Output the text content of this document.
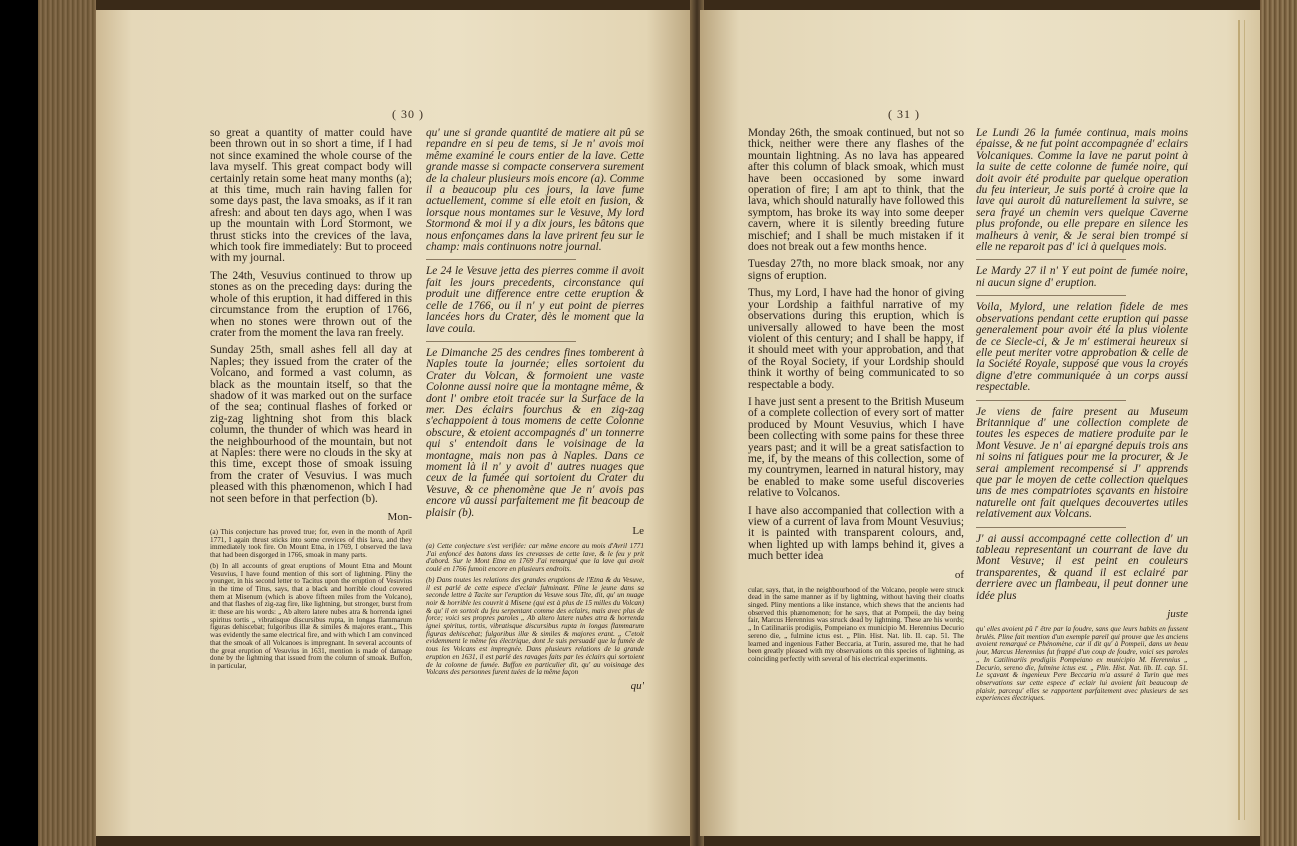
( 30 )

so great a quantity of matter could have been thrown out in so short a time, if I had not since examined the whole course of the lava myself. This great compact body will certainly retain some heat many months (a); at this time, much rain having fallen for some days past, the lava smoaks, as if it ran afresh: and about ten days ago, when I was up the mountain with Lord Stormont, we thrust sticks into the crevices of the lava, which took fire immediately: But to proceed with my journal.

The 24th, Vesuvius continued to throw up stones as on the preceding days: during the whole of this eruption, it had differed in this circumstance from the eruption of 1766, when no stones were thrown out of the crater from the moment the lava ran freely.

Sunday 25th, small ashes fell all day at Naples; they issued from the crater of the Volcano, and formed a vast column, as black as the mountain itself, so that the shadow of it was marked out on the surface of the sea; continual flashes of forked or zig-zag lightning shot from this black column, the thunder of which was heard in the neighbourhood of the mountain, but not at Naples: there were no clouds in the sky at this time, except those of smoak issuing from the crater of Vesuvius. I was much pleased with this phænomenon, which I had not seen before in that perfection (b).

Mon-

(a) This conjecture has proved true; for, even in the month of April 1771, I again thrust sticks into some crevices of this lava, and they immediately took fire. On Mount Etna, in 1769, I observed the lava that had been disgorged in 1766, smoak in many parts.

(b) In all accounts of great eruptions of Mount Etna and Mount Vesuvius, I have found mention of this sort of lightning. Pliny the younger, in his second letter to Tacitus upon the eruption of Vesuvius in the time of Titus, says, that a black and horrible cloud covered them at Misenum (which is above fifteen miles from the Volcano), and that flashes of zig-zag fire, like lightning, but stronger, burst from it: these are his words: „ Ab altero latere nubes atra & horrenda ignei spiritus tortis „ vibratisque discursibus rupta, in longas flammarum figuras dehiscebat; fulgoribus illæ & similes & majores erant.„ This was evidently the same electrical fire, and with which I am convinced that the smoak of all Volcanoes is impregnant. In several accounts of the great eruption of Vesuvius in 1631, mention is made of damage done by the lightning that issued from the column of smoak. Buffon, in particular,

qu' une si grande quantité de matiere ait pû se repandre en si peu de tems, si Je n' avois moi même examiné le cours entier de la lave. Cette grande masse si compacte conservera surement de la chaleur plusieurs mois encore (a). Comme il a beaucoup plu ces jours, la lave fume actuellement, comme si elle etoit en fusion, & lorsque nous montames sur le Vesuve, My lord Stormond & moi il y a dix jours, les bâtons que nous enfonçames dans la lave prirent feu sur le champ: mais continuons notre journal.

Le 24 le Vesuve jetta des pierres comme il avoit fait les jours precedents, circonstance qui produit une difference entre cette eruption & celle de 1766, ou il n' y eut point de pierres lancées hors du Crater, dès le moment que la lave coula.

Le Dimanche 25 des cendres fines tomberent à Naples toute la journée; elles sortoient du Crater du Volcan, & formoient une vaste Colonne aussi noire que la montagne même, & dont l' ombre etoit tracée sur la Surface de la mer. Des éclairs fourchus & en zig-zag s'echappoient à tous momens de cette Colonne obscure, & etoient accompagnés d' un tonnerre qui s' entendoit dans le voisinage de la montagne, mais non pas à Naples. Dans ce moment là il n' y avoit d' autres nuages que ceux de la fumée qui sortoient du Crater du Vesuve, & ce phenomène que Je n' avois pas encore vû aussi parfaitement me fit beacoup de plaisir (b).

Le

(a) Cette conjecture s'est verifiée: car même encore au mois d'Avril 1771 J'ai enfoncé des batons dans les crevasses de cette lave, & le feu y prit d'abord. Sur le Mont Etna en 1769 J'ai remarqué que la lave qui avoit coulé en 1766 fumoit encore en plusieurs endroits.

(b) Dans toutes les relations des grandes eruptions de l'Etna & du Vesuve, il est parlé de cette espece d'eclair fulminant. Pline le jeune dans sa seconde lettre à Tacite sur l'eruption du Vesuve sous Tite, dit, qu' un nuage noir & horrible les couvrit à Misene (qui est à plus de 15 milles du Volcan) & qu' il en sortoit du feu serpentant comme des eclairs, mais avec plus de force; voici ses propres paroles „ Ab altero latere nubes atra & horrenda ignei spiritus, tortis, vibratisque discursibus rupta in longas flammarum figuras dehiscebat; fulgoribus illæ & similes & majores erant. „ C'etoit evidemment le même feu électrique, dont Je suis persuadé que la fumée de tous les Volcans est impregnée. Dans plusieurs relations de la grande eruption en 1631, il est parlé des ravages faits par les éclairs qui sortoient de la colonne de fumée. Buffon en particulier dit, qu' au voisinage des Volcans des personnes furent tuées de la même façon

qu'

( 31 )

Monday 26th, the smoak continued, but not so thick, neither were there any flashes of the mountain lightning. As no lava has appeared after this column of black smoak, which must have been occasioned by some inward operation of fire; I am apt to think, that the lava, which should naturally have followed this symptom, has broke its way into some deeper cavern, where it is silently breeding future mischief; and I shall be much mistaken if it does not break out a few months hence.

Tuesday 27th, no more black smoak, nor any signs of eruption.

Thus, my Lord, I have had the honor of giving your Lordship a faithful narrative of my observations during this eruption, which is universally allowed to have been the most violent of this century; and I shall be happy, if it should meet with your approbation, and that of the Royal Society, if your Lordship should think it worthy of being communicated to so respectable a body.

I have just sent a present to the British Museum of a complete collection of every sort of matter produced by Mount Vesuvius, which I have been collecting with some pains for these three years past; and it will be a great satisfaction to me, if, by the means of this collection, some of my countrymen, learned in natural history, may be enabled to make some useful discoveries relative to Volcanos.

I have also accompanied that collection with a view of a current of lava from Mount Vesuvius; it is painted with transparent colours, and, when lighted up with lamps behind it, gives a much better idea

of

cular, says, that, in the neighbourhood of the Volcano, people were struck dead in the same manner as if by lightning, without having their cloaths singed. Pliny mentions a like instance, which shews that the ancients had observed this phænomenon; for he says, that at Pompeii, the day being fair, Marcus Herennius was struck dead by lightning. These are his words; „ In Catilinariis prodigiis, Pompeiano ex municipio M. Herennius Decurio sereno die, „ fulmine ictus est. „ Plin. Hist. Nat. lib. II. cap. 51. The learned and ingenious Father Beccaria, at Turin, assured me, that he had been greatly pleased with my observations on this species of lightning, as coinciding perfectly with several of his electrical experiments.

Le Lundi 26 la fumée continua, mais moins épaisse, & ne fut point accompagnée d' eclairs Volcaniques. Comme la lave ne parut point à la suite de cette colonne de fumée noire, qui doit avoir été produite par quelque operation du feu interieur, Je suis porté à croire que la lave qui auroit dû naturellement la suivre, se sera frayé un chemin vers quelque Caverne plus profonde, ou elle prepare en silence les malheurs à venir, & Je serai bien trompé si elle ne reparoit pas d' ici à quelques mois.

Le Mardy 27 il n' Y eut point de fumée noire, ni aucun signe d' eruption.

Voila, Mylord, une relation fidele de mes observations pendant cette eruption qui passe generalement pour avoir été la plus violente de ce Siecle-ci, & Je m' estimerai heureux si elle peut meriter votre approbation & celle de la Société Royale, supposé que vous la croyés digne d'etre communiquée à un corps aussi respectable.

Je viens de faire present au Museum Britannique d' une collection complete de toutes les especes de matiere produite par le Mont Vesuve. Je n' ai epargné depuis trois ans ni soins ni fatigues pour me la procurer, & Je serai amplement recompensé si J' apprends que par le moyen de cette collection quelques uns de mes compatriotes sçavants en histoire naturelle ont fait quelques decouvertes utiles relativement aux Volcans.

J' ai aussi accompagné cette collection d' un tableau representant un courrant de lave du Mont Vesuve; il est peint en couleurs transparentes, & quand il est eclairé par derriere avec un flambeau, il peut donner une idée plus

juste

qu' elles avoient pû l' être par la foudre, sans que leurs habits en fussent brulés. Pline fait mention d'un exemple pareil qui prouve que les anciens avoient remarqué ce Phénomène, car il dit qu' à Pompeii, dans un beau jour, Marcus Herennius fut frappé d'un coup de foudre, voici ses paroles „ In Catilinariis prodigiis Pompeiano ex municipio M. Herennius „ Decurio, sereno die, fulmine ictus est. „ Plin. Hist. Nat. lib. II. cap. 51. Le sçavant & ingenieux Pere Beccaria m'a assuré à Turin que mes observations sur cette espece d' eclair lui avoient fait beaucoup de plaisir, parcequ' elles se rapportent parfaitement avec plusieurs de ses experiences électriques.
